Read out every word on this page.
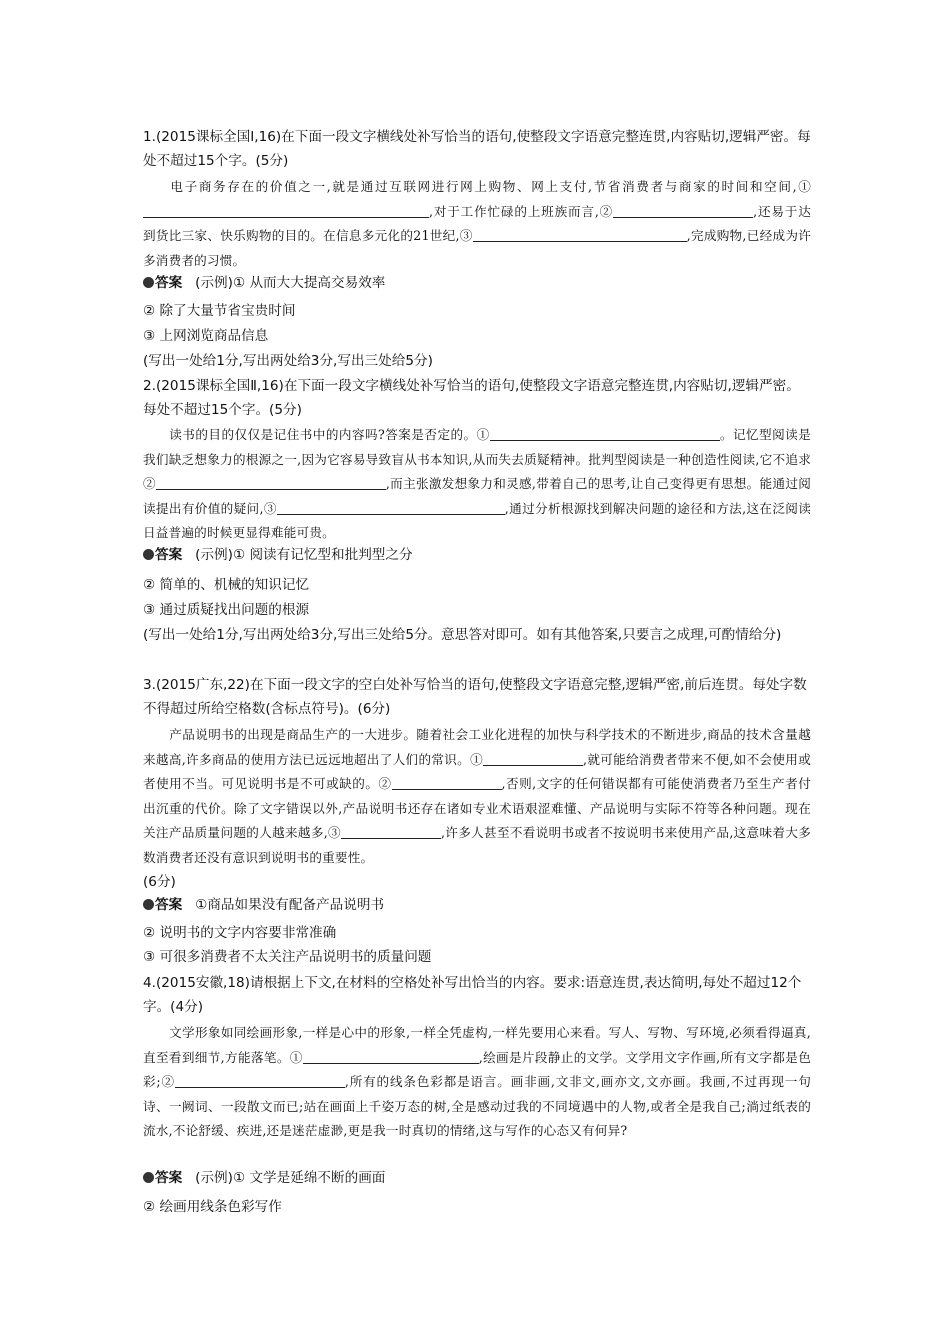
1.(2015课标全国Ⅰ,16)在下面一段文字横线处补写恰当的语句,使整段文字语意完整连贯,内容贴切,逻辑严密。每处不超过15个字。(5分)
电子商务存在的价值之一,就是通过互联网进行网上购物、网上支付,节省消费者与商家的时间和空间,①,对于工作忙碌的上班族而言,②	,还易于达到货比三家、快乐购物的目的。在信息多元化的21世纪,③	,完成购物,已经成为许多消费者的习惯。
答案 (示例)① 从而大大提高交易效率
② 除了大量节省宝贵时间
③ 上网浏览商品信息
(写出一处给1分,写出两处给3分,写出三处给5分)
2.(2015课标全国Ⅱ,16)在下面一段文字横线处补写恰当的语句,使整段文字语意完整连贯,内容贴切,逻辑严密。每处不超过15个字。(5分)
读书的目的仅仅是记住书中的内容吗?答案是否定的。①	。记忆型阅读是我们缺乏想象力的根源之一,因为它容易导致盲从书本知识,从而失去质疑精神。批判型阅读是一种创造性阅读,它不追求②	,而主张激发想象力和灵感,带着自己的思考,让自己变得更有思想。能通过阅读提出有价值的疑问,③	,通过分析根源找到解决问题的途径和方法,这在泛阅读日益普遍的时候更显得难能可贵。
答案 (示例)① 阅读有记忆型和批判型之分
② 简单的、机械的知识记忆
③ 通过质疑找出问题的根源
(写出一处给1分,写出两处给3分,写出三处给5分。意思答对即可。如有其他答案,只要言之成理,可酌情给分)
3.(2015广东,22)在下面一段文字的空白处补写恰当的语句,使整段文字语意完整,逻辑严密,前后连贯。每处字数不得超过所给空格数(含标点符号)。(6分)
产品说明书的出现是商品生产的一大进步。随着社会工业化进程的加快与科学技术的不断进步,商品的技术含量越来越高,许多商品的使用方法已远远地超出了人们的常识。①	,就可能给消费者带来不便,如不会使用或者使用不当。可见说明书是不可或缺的。②	,否则,文字的任何错误都有可能使消费者乃至生产者付出沉重的代价。除了文字错误以外,产品说明书还存在诸如专业术语艰涩难懂、产品说明与实际不符等各种问题。现在关注产品质量问题的人越来越多,③	,许多人甚至不看说明书或者不按说明书来使用产品,这意味着大多数消费者还没有意识到说明书的重要性。
(6分)
答案 ①商品如果没有配备产品说明书
② 说明书的文字内容要非常准确
③ 可很多消费者不太关注产品说明书的质量问题
4.(2015安徽,18)请根据上下文,在材料的空格处补写出恰当的内容。要求:语意连贯,表达简明,每处不超过12个字。(4分)
文学形象如同绘画形象,一样是心中的形象,一样全凭虚构,一样先要用心来看。写人、写物、写环境,必须看得逼真,直至看到细节,方能落笔。①	,绘画是片段静止的文学。文学用文字作画,所有文字都是色彩;②	,所有的线条色彩都是语言。画非画,文非文,画亦文,文亦画。我画,不过再现一句诗、一阙词、一段散文而已;站在画面上千姿万态的树,全是感动过我的不同境遇中的人物,或者全是我自己;淌过纸表的流水,不论舒缓、疾进,还是迷茫虚渺,更是我一时真切的情绪,这与写作的心态又有何异?
答案 (示例)① 文学是延绵不断的画面
② 绘画用线条色彩写作
